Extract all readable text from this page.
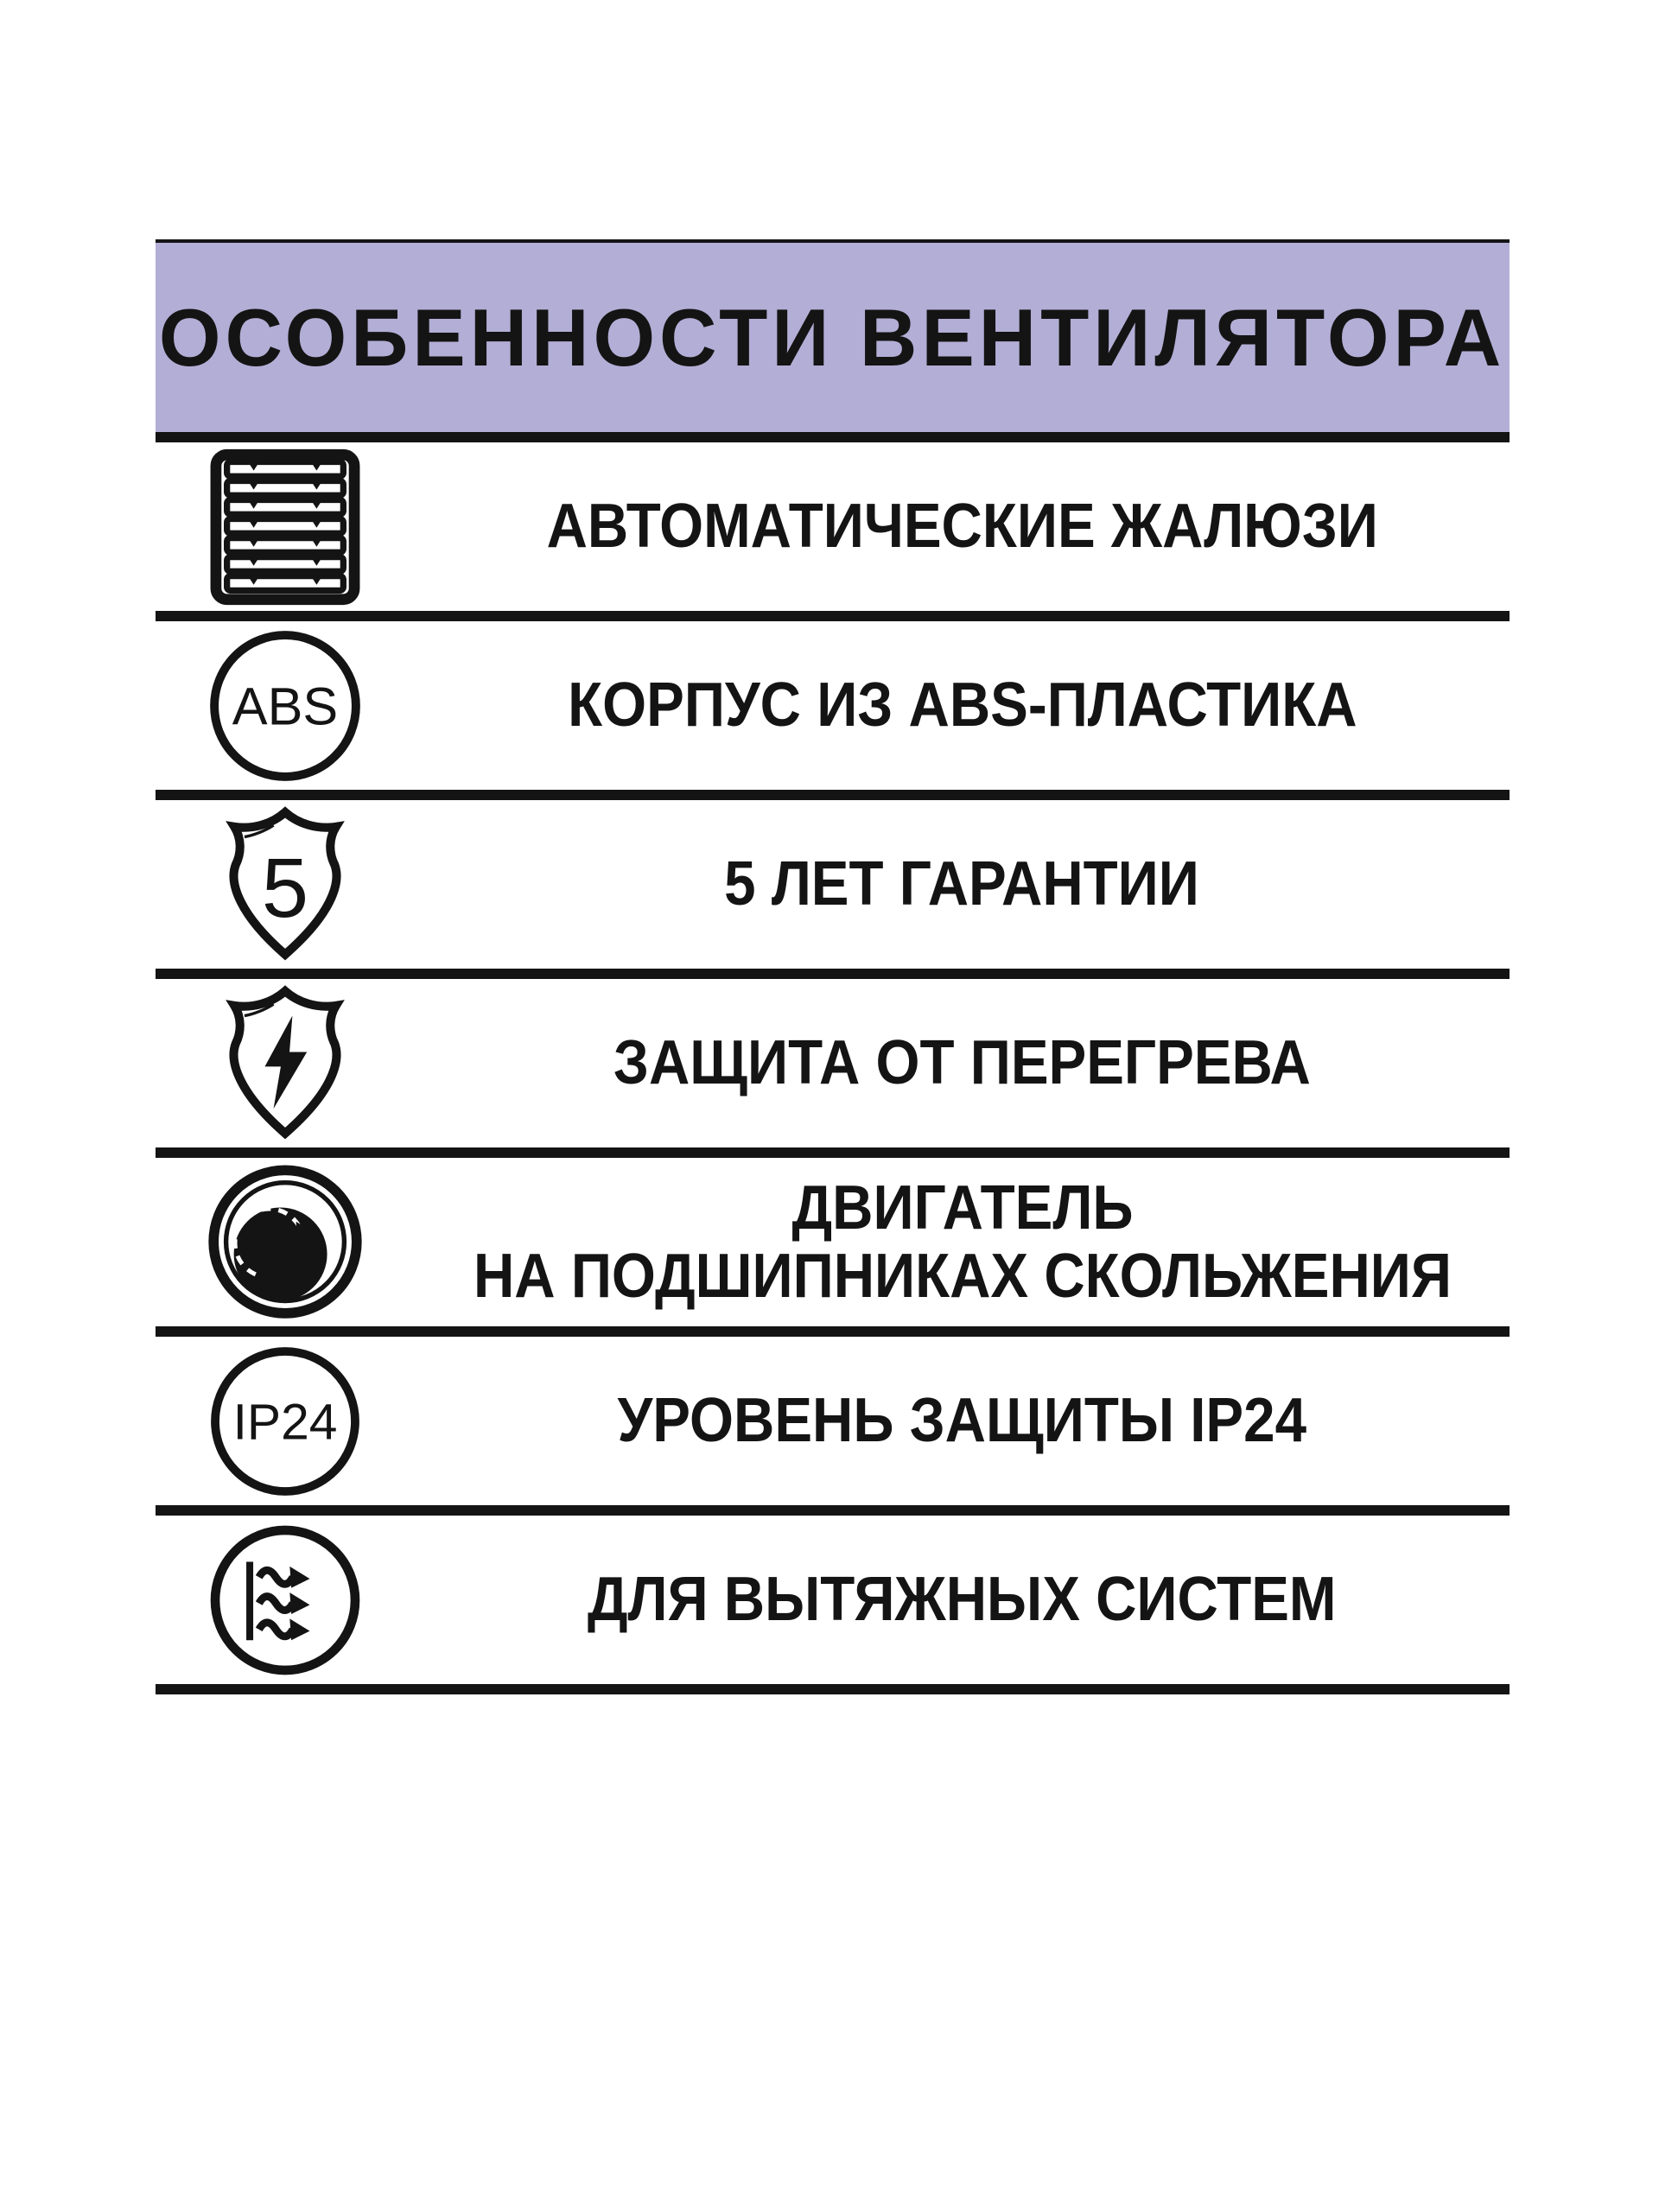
ОСОБЕННОСТИ ВЕНТИЛЯТОРА
АВТОМАТИЧЕСКИЕ ЖАЛЮЗИ
ABS	КОРПУС ИЗ ABS-ПЛАСТИКА
5	5 ЛЕТ ГАРАНТИИ
ЗАЩИТА ОТ ПЕРЕГРЕВА
ДВИГАТЕЛЬ
НА ПОДШИПНИКАХ СКОЛЬЖЕНИЯ
IP24	УРОВЕНЬ ЗАЩИТЫ IP24
ДЛЯ ВЫТЯЖНЫХ СИСТЕМ
